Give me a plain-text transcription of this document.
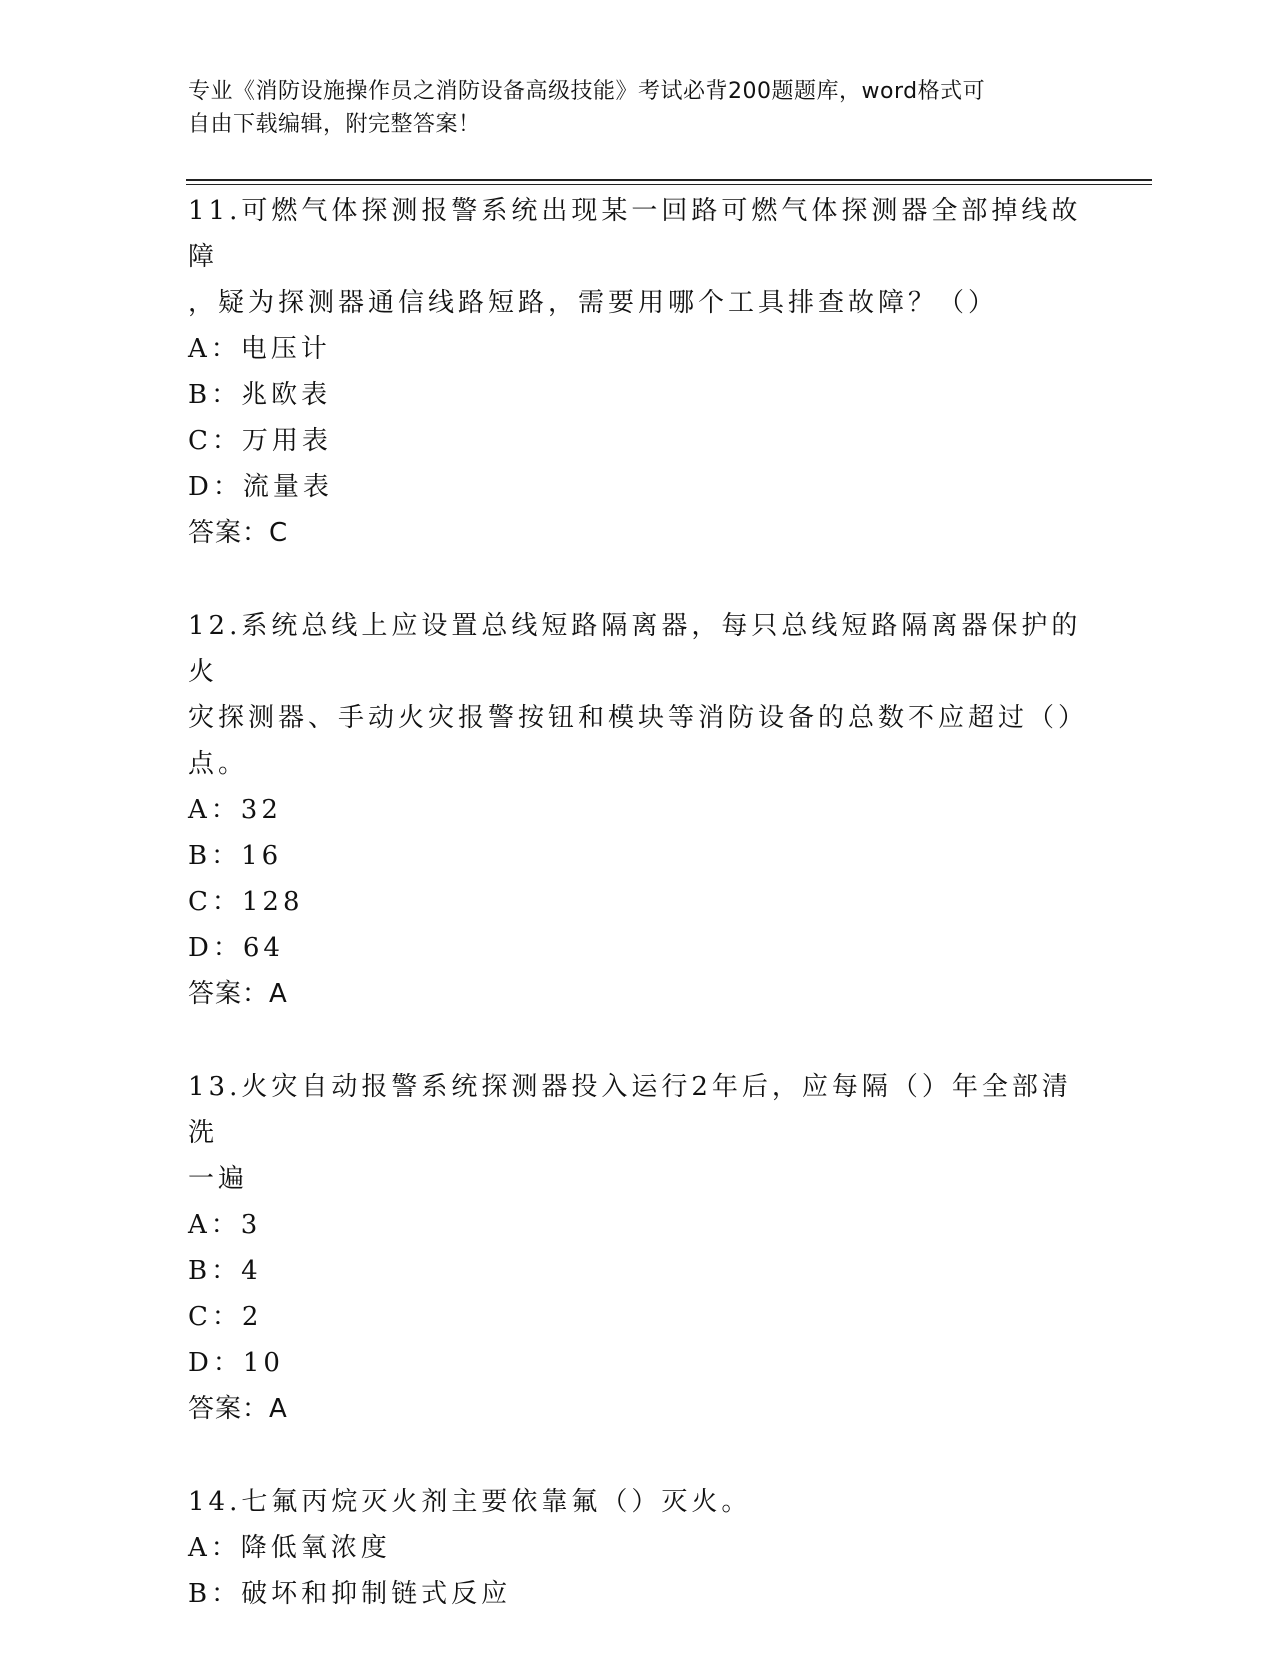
专业《消防设施操作员之消防设备高级技能》考试必背200题题库，word格式可
自由下载编辑，附完整答案！
11.可燃气体探测报警系统出现某一回路可燃气体探测器全部掉线故障
，疑为探测器通信线路短路，需要用哪个工具排查故障？（）
A：电压计
B：兆欧表
C：万用表
D：流量表
答案：C
12.系统总线上应设置总线短路隔离器，每只总线短路隔离器保护的火
灾探测器、手动火灾报警按钮和模块等消防设备的总数不应超过（）
点。
A：32
B：16
C：128
D：64
答案：A
13.火灾自动报警系统探测器投入运行2年后，应每隔（）年全部清洗
一遍
A：3
B：4
C：2
D：10
答案：A
14.七氟丙烷灭火剂主要依靠氟（）灭火。
A：降低氧浓度
B：破坏和抑制链式反应
